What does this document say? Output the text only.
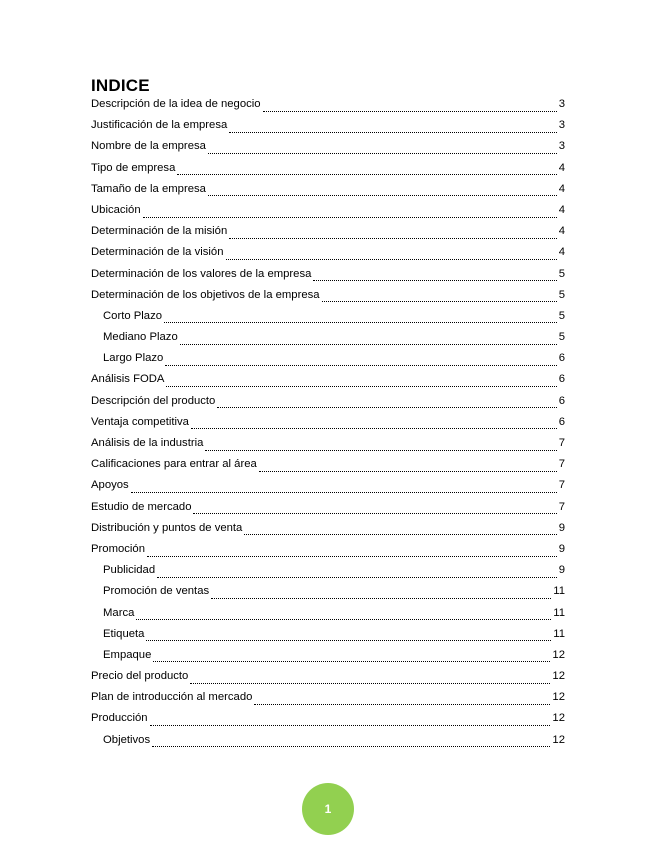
INDICE
Descripción de la idea de negocio	3
Justificación de la empresa	3
Nombre de la empresa	3
Tipo de empresa	4
Tamaño de la empresa	4
Ubicación	4
Determinación de la misión	4
Determinación de la visión	4
Determinación de los valores de la empresa	5
Determinación de los objetivos de la empresa	5
Corto Plazo	5
Mediano Plazo	5
Largo Plazo	6
Análisis FODA	6
Descripción del producto	6
Ventaja competitiva	6
Análisis de la industria	7
Calificaciones para entrar al área	7
Apoyos	7
Estudio de mercado	7
Distribución y puntos de venta	9
Promoción	9
Publicidad	9
Promoción de ventas	11
Marca	11
Etiqueta	11
Empaque	12
Precio del producto	12
Plan de introducción al mercado	12
Producción	12
Objetivos	12
1
